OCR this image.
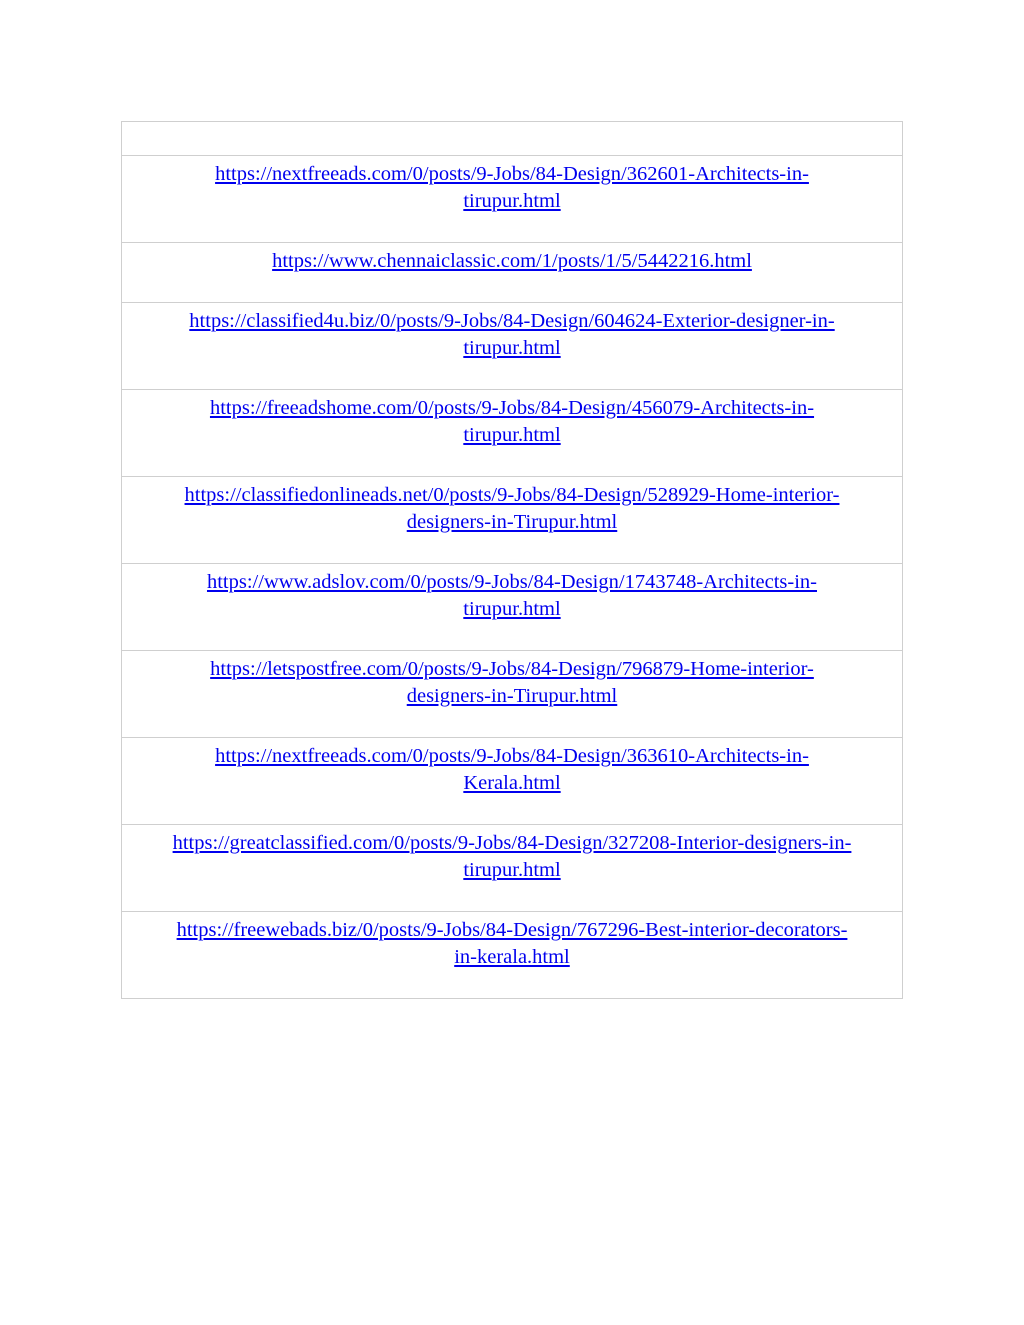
https://nextfreeads.com/0/posts/9-Jobs/84-Design/362601-Architects-in-
tirupur.html
https://www.chennaiclassic.com/1/posts/1/5/5442216.html
https://classified4u.biz/0/posts/9-Jobs/84-Design/604624-Exterior-designer-in-
tirupur.html
https://freeadshome.com/0/posts/9-Jobs/84-Design/456079-Architects-in-
tirupur.html
https://classifiedonlineads.net/0/posts/9-Jobs/84-Design/528929-Home-interior-
designers-in-Tirupur.html
https://www.adslov.com/0/posts/9-Jobs/84-Design/1743748-Architects-in-
tirupur.html
https://letspostfree.com/0/posts/9-Jobs/84-Design/796879-Home-interior-
designers-in-Tirupur.html
https://nextfreeads.com/0/posts/9-Jobs/84-Design/363610-Architects-in-
Kerala.html
https://greatclassified.com/0/posts/9-Jobs/84-Design/327208-Interior-designers-in-
tirupur.html
https://freewebads.biz/0/posts/9-Jobs/84-Design/767296-Best-interior-decorators-
in-kerala.html
